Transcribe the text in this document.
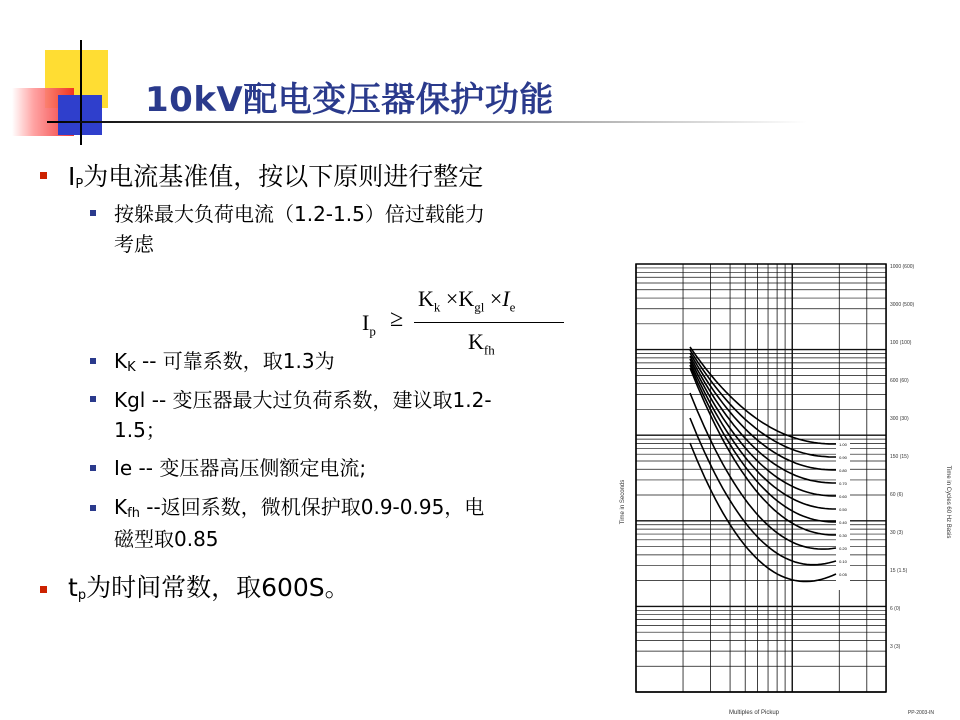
10kV配电变压器保护功能
$I_P$为电流基准值，按以下原则进行整定
按躲最大负荷电流（1.2-1.5）倍过载能力
考虑
$I_p$ ≥
$K_k \times K_{gl} \times I_e$
$K_{fh}$
$K_K$ -- 可靠系数，取1.3为
Kgl -- 变压器最大过负荷系数，建议取1.2-
1.5；
Ie -- 变压器高压侧额定电流;
$K_{fh}$ --返回系数，微机保护取0.9-0.95，电
磁型取0.85
$t_p$为时间常数，取600S。
1.00
0.90
0.80
0.70
0.60
0.50
0.40
0.30
0.20
0.10
0.05
1000 (600)
3000 (500)
100 (100)
600 (60)
300 (30)
150 (15)
60 (6)
30 (3)
15 (1.5)
6 (0)
3 (3)
Time in Seconds	Time in Cycles 60 Hz Basis
Multiples of Pickup	PP-2003-IN
